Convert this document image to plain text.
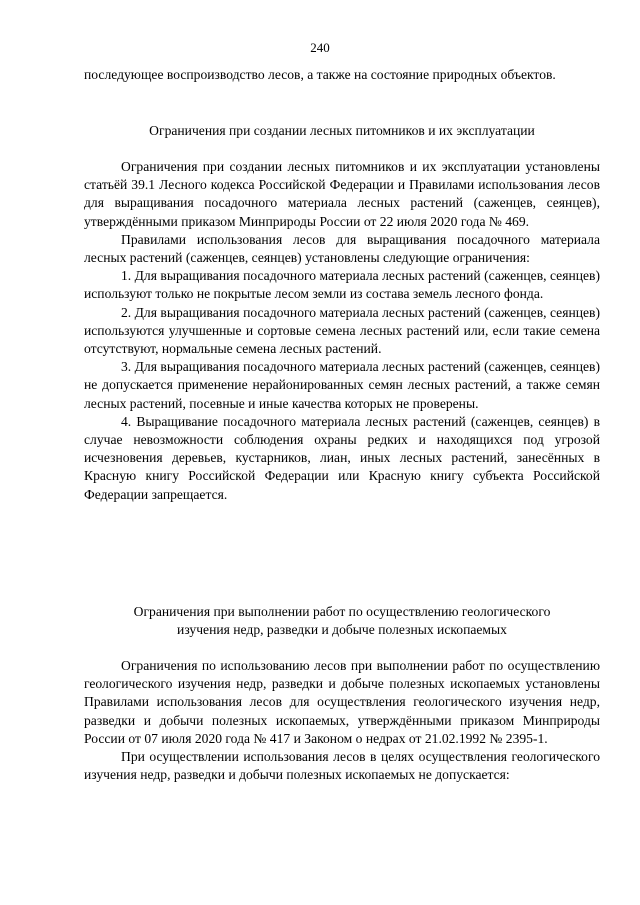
240

последующее воспроизводство лесов, а также на состояние природных объектов.

Ограничения при создании лесных питомников и их эксплуатации

Ограничения при создании лесных питомников и их эксплуатации установлены статьёй 39.1 Лесного кодекса Российской Федерации и Правилами использования лесов для выращивания посадочного материала лесных растений (саженцев, сеянцев), утверждёнными приказом Минприроды России от 22 июля 2020 года № 469.

Правилами использования лесов для выращивания посадочного материала лесных растений (саженцев, сеянцев) установлены следующие ограничения:

1. Для выращивания посадочного материала лесных растений (саженцев, сеянцев) используют только не покрытые лесом земли из состава земель лесного фонда.

2. Для выращивания посадочного материала лесных растений (саженцев, сеянцев) используются улучшенные и сортовые семена лесных растений или, если такие семена отсутствуют, нормальные семена лесных растений.

3. Для выращивания посадочного материала лесных растений (саженцев, сеянцев) не допускается применение нерайонированных семян лесных растений, а также семян лесных растений, посевные и иные качества которых не проверены.

4. Выращивание посадочного материала лесных растений (саженцев, сеянцев) в случае невозможности соблюдения охраны редких и находящихся под угрозой исчезновения деревьев, кустарников, лиан, иных лесных растений, занесённых в Красную книгу Российской Федерации или Красную книгу субъекта Российской Федерации запрещается.

Ограничения при выполнении работ по осуществлению геологического
изучения недр, разведки и добыче полезных ископаемых

Ограничения по использованию лесов при выполнении работ по осуществлению геологического изучения недр, разведки и добыче полезных ископаемых установлены Правилами использования лесов для осуществления геологического изучения недр, разведки и добычи полезных ископаемых, утверждёнными приказом Минприроды России от 07 июля 2020 года № 417 и Законом о недрах от 21.02.1992 № 2395-1.

При осуществлении использования лесов в целях осуществления геологического изучения недр, разведки и добычи полезных ископаемых не допускается:
